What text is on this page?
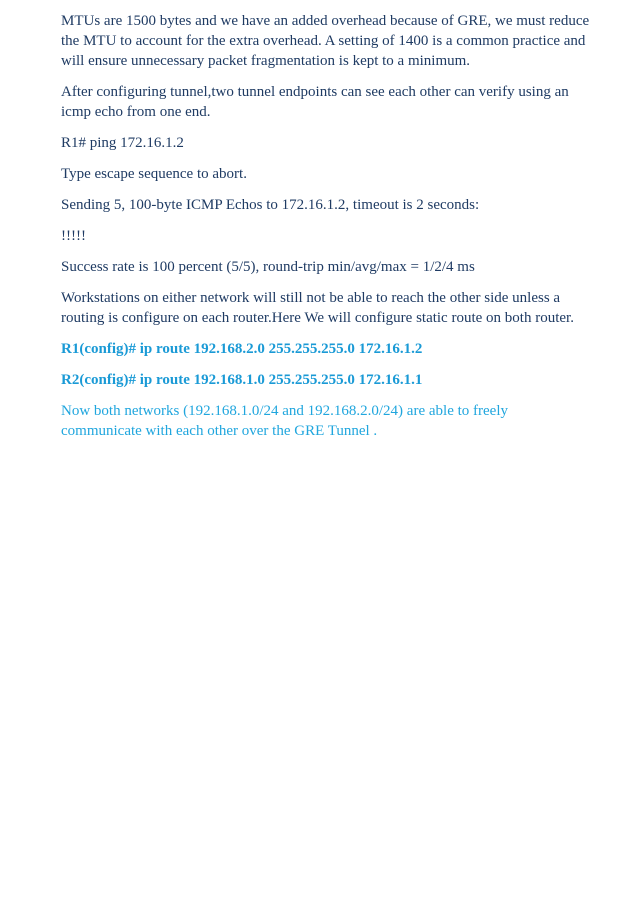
MTUs are 1500 bytes and we have an added overhead because of GRE, we must reduce the MTU to account for the extra overhead. A setting of 1400 is a common practice and will ensure unnecessary packet fragmentation is kept to a minimum.

After configuring tunnel,two tunnel endpoints can see each other can verify using an icmp echo from one end.

R1# ping 172.16.1.2

Type escape sequence to abort.

Sending 5, 100-byte ICMP Echos to 172.16.1.2, timeout is 2 seconds:

!!!!!

Success rate is 100 percent (5/5), round-trip min/avg/max = 1/2/4 ms

Workstations on either network will still not be able to reach the other side unless a routing is configure on each router.Here We will configure static route on both router.

R1(config)# ip route 192.168.2.0 255.255.255.0 172.16.1.2

R2(config)# ip route 192.168.1.0 255.255.255.0 172.16.1.1

Now both networks (192.168.1.0/24 and 192.168.2.0/24) are able to freely communicate with each other over the GRE Tunnel .
